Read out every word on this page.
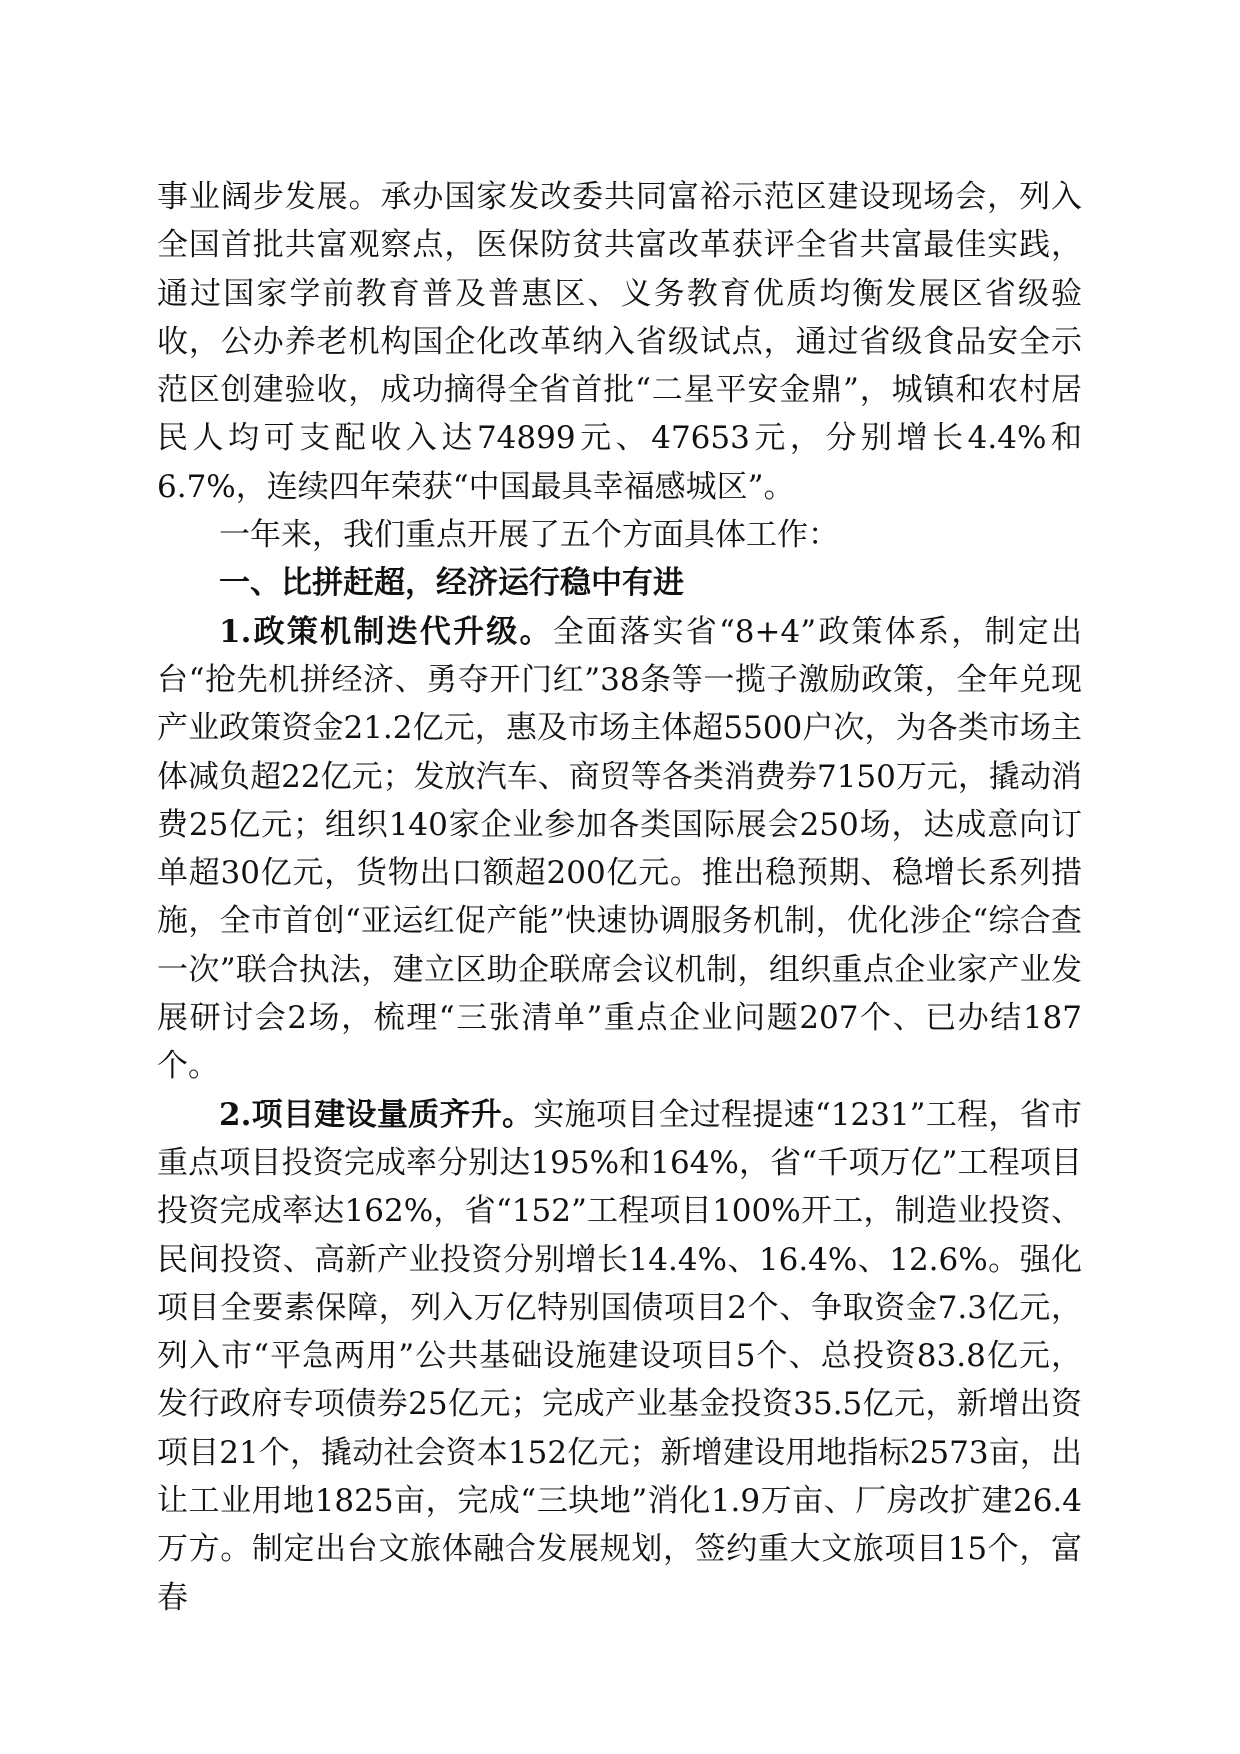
事业阔步发展。承办国家发改委共同富裕示范区建设现场会，列入全国首批共富观察点，医保防贫共富改革获评全省共富最佳实践，通过国家学前教育普及普惠区、义务教育优质均衡发展区省级验收，公办养老机构国企化改革纳入省级试点，通过省级食品安全示范区创建验收，成功摘得全省首批“二星平安金鼎”，城镇和农村居民人均可支配收入达74899元、47653元，分别增长4.4%和6.7%，连续四年荣获“中国最具幸福感城区”。

一年来，我们重点开展了五个方面具体工作：

一、比拼赶超，经济运行稳中有进

1.政策机制迭代升级。全面落实省“8+4”政策体系，制定出台“抢先机拼经济、勇夺开门红”38条等一揽子激励政策，全年兑现产业政策资金21.2亿元，惠及市场主体超5500户次，为各类市场主体减负超22亿元；发放汽车、商贸等各类消费券7150万元，撬动消费25亿元；组织140家企业参加各类国际展会250场，达成意向订单超30亿元，货物出口额超200亿元。推出稳预期、稳增长系列措施，全市首创“亚运红促产能”快速协调服务机制，优化涉企“综合查一次”联合执法，建立区助企联席会议机制，组织重点企业家产业发展研讨会2场，梳理“三张清单”重点企业问题207个、已办结187个。

2.项目建设量质齐升。实施项目全过程提速“1231”工程，省市重点项目投资完成率分别达195%和164%，省“千项万亿”工程项目投资完成率达162%，省“152”工程项目100%开工，制造业投资、民间投资、高新产业投资分别增长14.4%、16.4%、12.6%。强化项目全要素保障，列入万亿特别国债项目2个、争取资金7.3亿元，列入市“平急两用”公共基础设施建设项目5个、总投资83.8亿元，发行政府专项债券25亿元；完成产业基金投资35.5亿元，新增出资项目21个，撬动社会资本152亿元；新增建设用地指标2573亩，出让工业用地1825亩，完成“三块地”消化1.9万亩、厂房改扩建26.4万方。制定出台文旅体融合发展规划，签约重大文旅项目15个，富春
